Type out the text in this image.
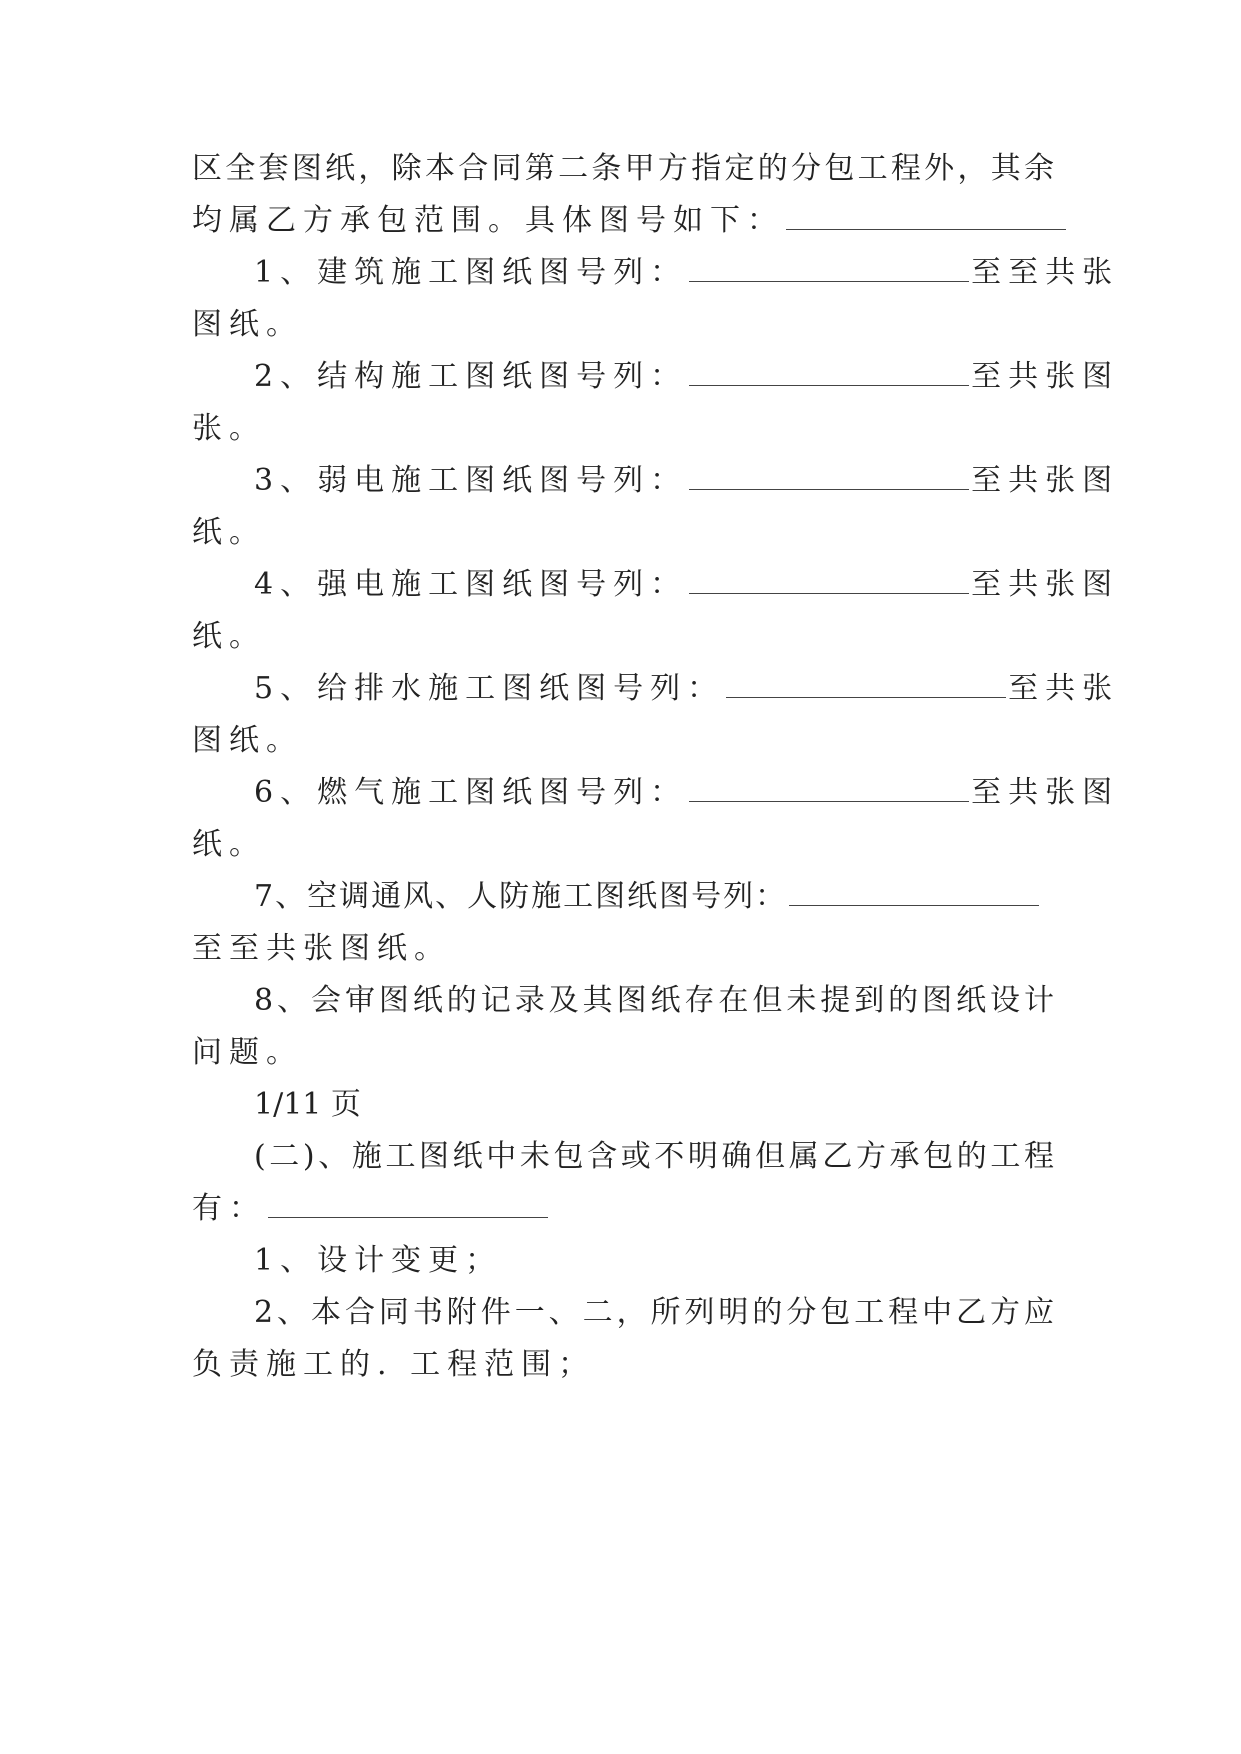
区全套图纸，除本合同第二条甲方指定的分包工程外，其余
均属乙方承包范围。具体图号如下：
1、建筑施工图纸图号列：	至至共张
图纸。
2、结构施工图纸图号列：	至共张图
张。
3、弱电施工图纸图号列：	至共张图
纸。
4、强电施工图纸图号列：	至共张图
纸。
5、给排水施工图纸图号列：	至共张
图纸。
6、燃气施工图纸图号列：	至共张图
纸。
7、空调通风、人防施工图纸图号列：
至至共张图纸。
8、会审图纸的记录及其图纸存在但未提到的图纸设计
问题。
1/11 页
(二)、施工图纸中未包含或不明确但属乙方承包的工程
有：
1、设计变更；
2、本合同书附件一、二，所列明的分包工程中乙方应
负责施工的. 工程范围；
